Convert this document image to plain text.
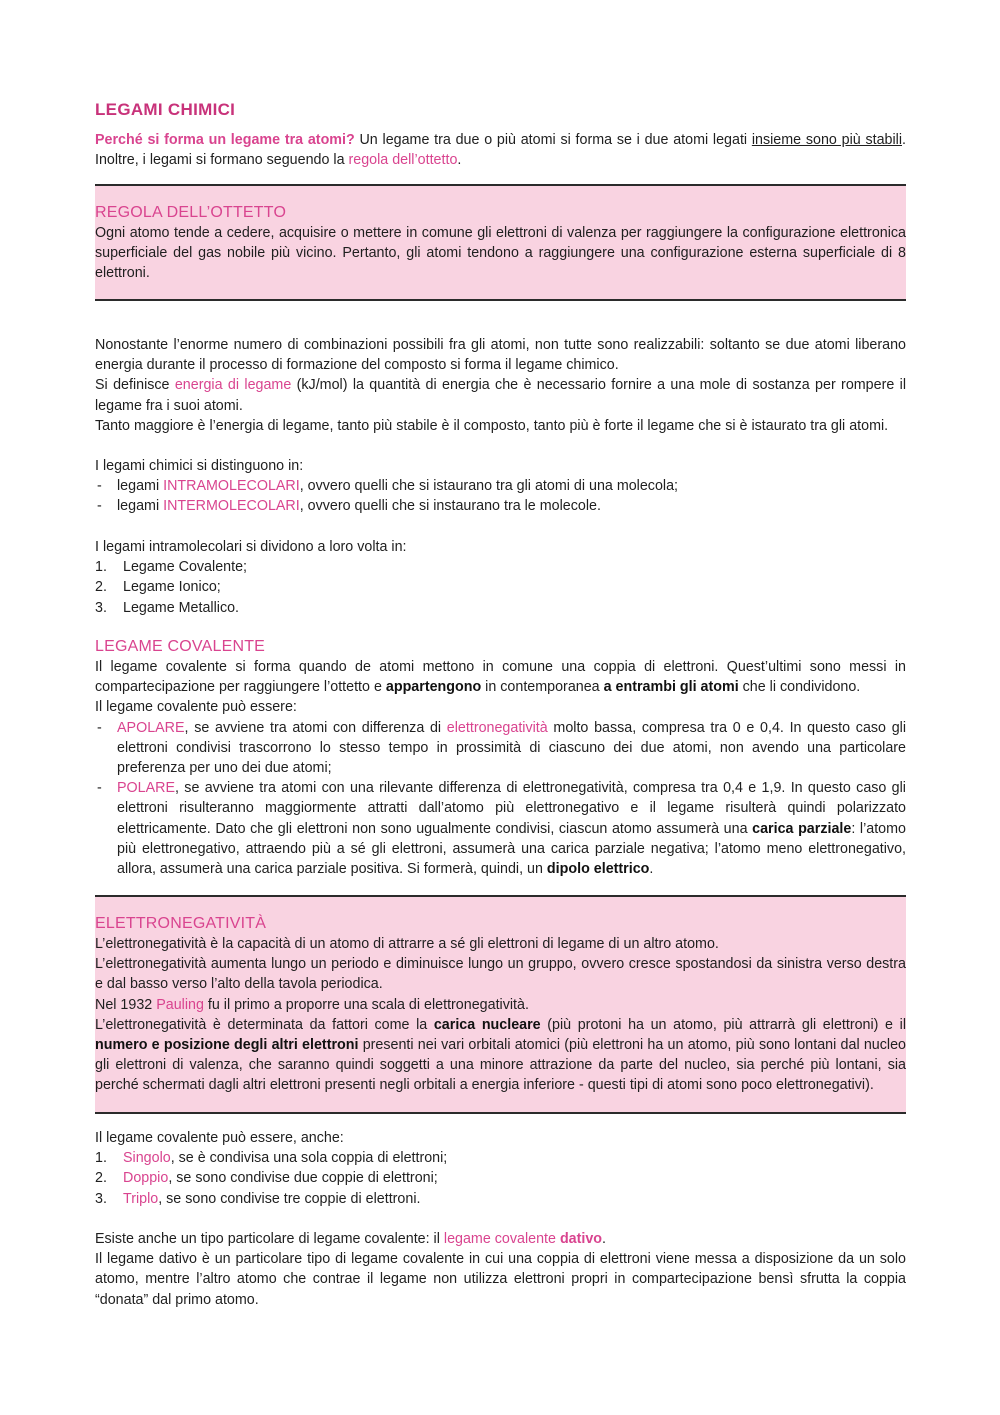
LEGAMI CHIMICI

Perché si forma un legame tra atomi? Un legame tra due o più atomi si forma se i due atomi legati insieme sono più stabili. Inoltre, i legami si formano seguendo la regola dell’ottetto.

REGOLA DELL’OTTETTO

Ogni atomo tende a cedere, acquisire o mettere in comune gli elettroni di valenza per raggiungere la configurazione elettronica superficiale del gas nobile più vicino. Pertanto, gli atomi tendono a raggiungere una configurazione esterna superficiale di 8 elettroni.

Nonostante l’enorme numero di combinazioni possibili fra gli atomi, non tutte sono realizzabili: soltanto se due atomi liberano energia durante il processo di formazione del composto si forma il legame chimico.

Si definisce energia di legame (kJ/mol) la quantità di energia che è necessario fornire a una mole di sostanza per rompere il legame fra i suoi atomi.

Tanto maggiore è l’energia di legame, tanto più stabile è il composto, tanto più è forte il legame che si è istaurato tra gli atomi.

I legami chimici si distinguono in:

- legami INTRAMOLECOLARI, ovvero quelli che si istaurano tra gli atomi di una molecola;
- legami INTERMOLECOLARI, ovvero quelli che si instaurano tra le molecole.

I legami intramolecolari si dividono a loro volta in:

1. Legame Covalente;
2. Legame Ionico;
3. Legame Metallico.
LEGAME COVALENTE

Il legame covalente si forma quando de atomi mettono in comune una coppia di elettroni. Quest’ultimi sono messi in compartecipazione per raggiungere l’ottetto e appartengono in contemporanea a entrambi gli atomi che li condividono.

Il legame covalente può essere:

- APOLARE, se avviene tra atomi con differenza di elettronegatività molto bassa, compresa tra 0 e 0,4. In questo caso gli elettroni condivisi trascorrono lo stesso tempo in prossimità di ciascuno dei due atomi, non avendo una particolare preferenza per uno dei due atomi;
- POLARE, se avviene tra atomi con una rilevante differenza di elettronegatività, compresa tra 0,4 e 1,9. In questo caso gli elettroni risulteranno maggiormente attratti dall’atomo più elettronegativo e il legame risulterà quindi polarizzato elettricamente. Dato che gli elettroni non sono ugualmente condivisi, ciascun atomo assumerà una carica parziale: l’atomo più elettronegativo, attraendo più a sé gli elettroni, assumerà una carica parziale negativa; l’atomo meno elettronegativo, allora, assumerà una carica parziale positiva. Si formerà, quindi, un dipolo elettrico.
ELETTRONEGATIVITÀ

L’elettronegatività è la capacità di un atomo di attrarre a sé gli elettroni di legame di un altro atomo.

L’elettronegatività aumenta lungo un periodo e diminuisce lungo un gruppo, ovvero cresce spostandosi da sinistra verso destra e dal basso verso l’alto della tavola periodica.

Nel 1932 Pauling fu il primo a proporre una scala di elettronegatività.

L’elettronegatività è determinata da fattori come la carica nucleare (più protoni ha un atomo, più attrarrà gli elettroni) e il numero e posizione degli altri elettroni presenti nei vari orbitali atomici (più elettroni ha un atomo, più sono lontani dal nucleo gli elettroni di valenza, che saranno quindi soggetti a una minore attrazione da parte del nucleo, sia perché più lontani, sia perché schermati dagli altri elettroni presenti negli orbitali a energia inferiore - questi tipi di atomi sono poco elettronegativi).

Il legame covalente può essere, anche:

1. Singolo, se è condivisa una sola coppia di elettroni;
2. Doppio, se sono condivise due coppie di elettroni;
3. Triplo, se sono condivise tre coppie di elettroni.

Esiste anche un tipo particolare di legame covalente: il legame covalente dativo.

Il legame dativo è un particolare tipo di legame covalente in cui una coppia di elettroni viene messa a disposizione da un solo atomo, mentre l’altro atomo che contrae il legame non utilizza elettroni propri in compartecipazione bensì sfrutta la coppia “donata” dal primo atomo.
